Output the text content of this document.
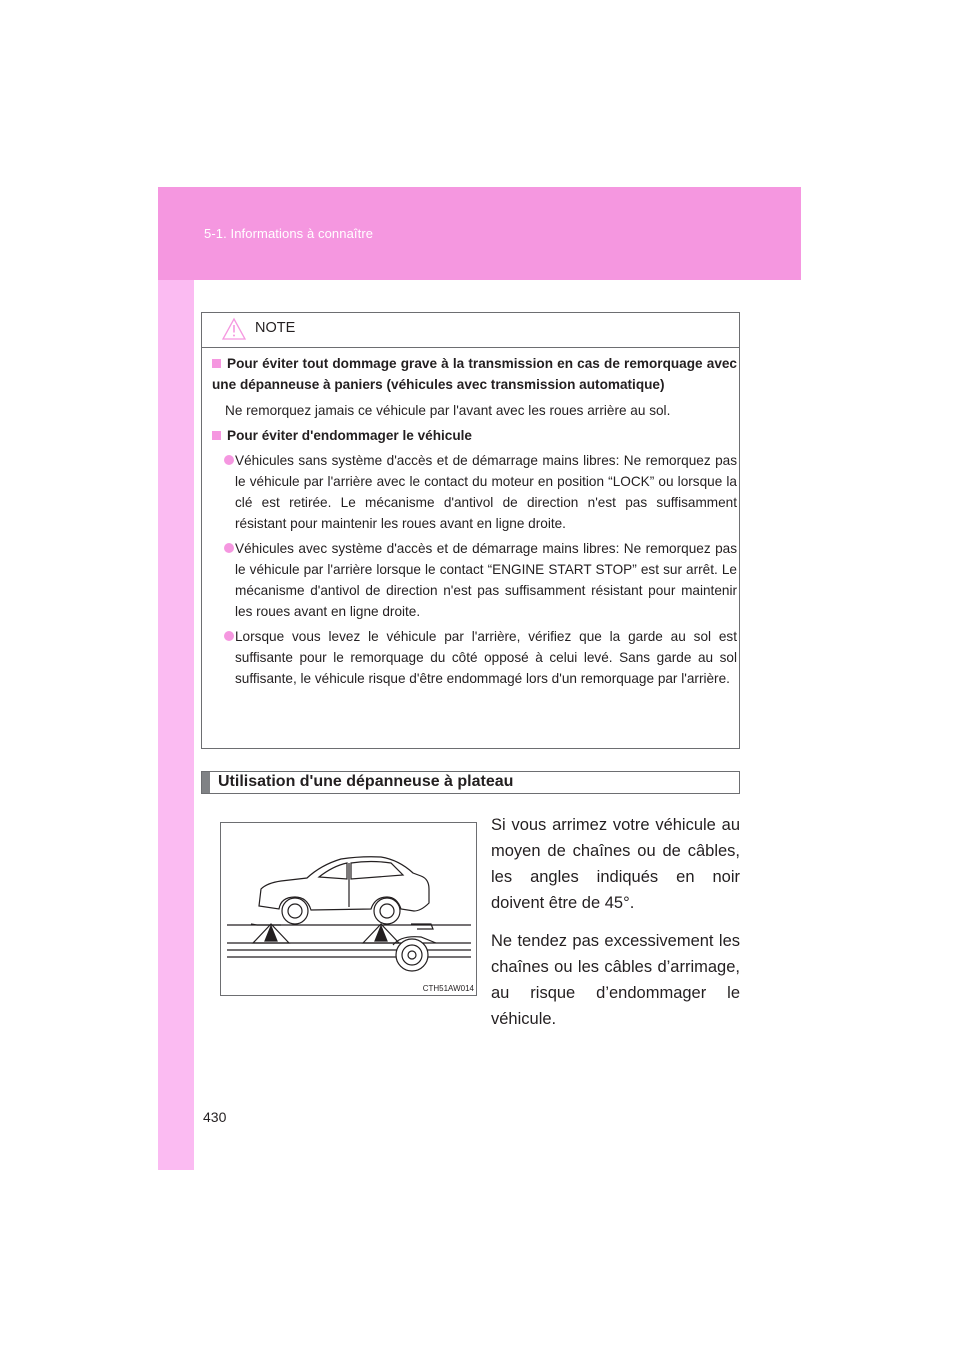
5-1. Informations à connaître
NOTE

Pour éviter tout dommage grave à la transmission en cas de remorquage avec une dépanneuse à paniers (véhicules avec transmission automatique)

Ne remorquez jamais ce véhicule par l'avant avec les roues arrière au sol.

Pour éviter d'endommager le véhicule

Véhicules sans système d'accès et de démarrage mains libres: Ne remorquez pas le véhicule par l'arrière avec le contact du moteur en position “LOCK” ou lorsque la clé est retirée. Le mécanisme d'antivol de direction n'est pas suffisamment résistant pour maintenir les roues avant en ligne droite.
Véhicules avec système d'accès et de démarrage mains libres: Ne remorquez pas le véhicule par l'arrière lorsque le contact “ENGINE START STOP” est sur arrêt. Le mécanisme d'antivol de direction n'est pas suffisamment résistant pour maintenir les roues avant en ligne droite.
Lorsque vous levez le véhicule par l'arrière, vérifiez que la garde au sol est suffisante pour le remorquage du côté opposé à celui levé. Sans garde au sol suffisante, le véhicule risque d'être endommagé lors d'un remorquage par l'arrière.
Utilisation d'une dépanneuse à plateau
CTH51AW014

Si vous arrimez votre véhicule au moyen de chaînes ou de câbles, les angles indiqués en noir doivent être de 45°.

Ne tendez pas excessivement les chaînes ou les câbles d’arrimage, au risque d’endommager le véhicule.

430
